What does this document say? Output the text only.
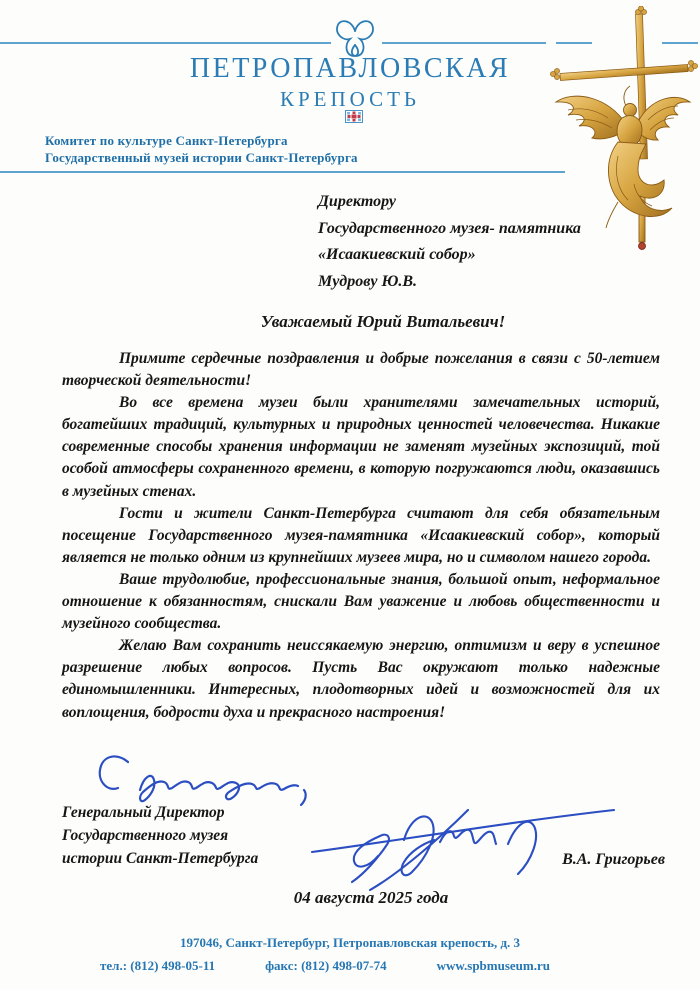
ПЕТРОПАВЛОВСКАЯ
КРЕПОСТЬ
Комитет по культуре Санкт-Петербурга
Государственный музей истории Санкт-Петербурга
Директору
Государственного музея- памятника
«Исаакиевский собор»
Мудрову Ю.В.
Уважаемый Юрий Витальевич!

Примите сердечные поздравления и добрые пожелания в связи с 50-летием творческой деятельности!

Во все времена музеи были хранителями замечательных историй, богатейших традиций, культурных и природных ценностей человечества. Никакие современные способы хранения информации не заменят музейных экспозиций, той особой атмосферы сохраненного времени, в которую погружаются люди, оказавшись в музейных стенах.

Гости и жители Санкт-Петербурга считают для себя обязательным посещение Государственного музея-памятника «Исаакиевский собор», который является не только одним из крупнейших музеев мира, но и символом нашего города.

Ваше трудолюбие, профессиональные знания, большой опыт, неформальное отношение к обязанностям, снискали Вам уважение и любовь общественности и музейного сообщества.

Желаю Вам сохранить неиссякаемую энергию, оптимизм и веру в успешное разрешение любых вопросов. Пусть Вас окружают только надежные единомышленники. Интересных, плодотворных идей и возможностей для их воплощения, бодрости духа и прекрасного настроения!

Генеральный Директор
Государственного музея
истории Санкт-Петербурга	В.А. Григорьев
04 августа 2025 года
197046, Санкт-Петербург, Петропавловская крепость, д. 3
тел.: (812) 498-05-11	факс: (812) 498-07-74	www.spbmuseum.ru
